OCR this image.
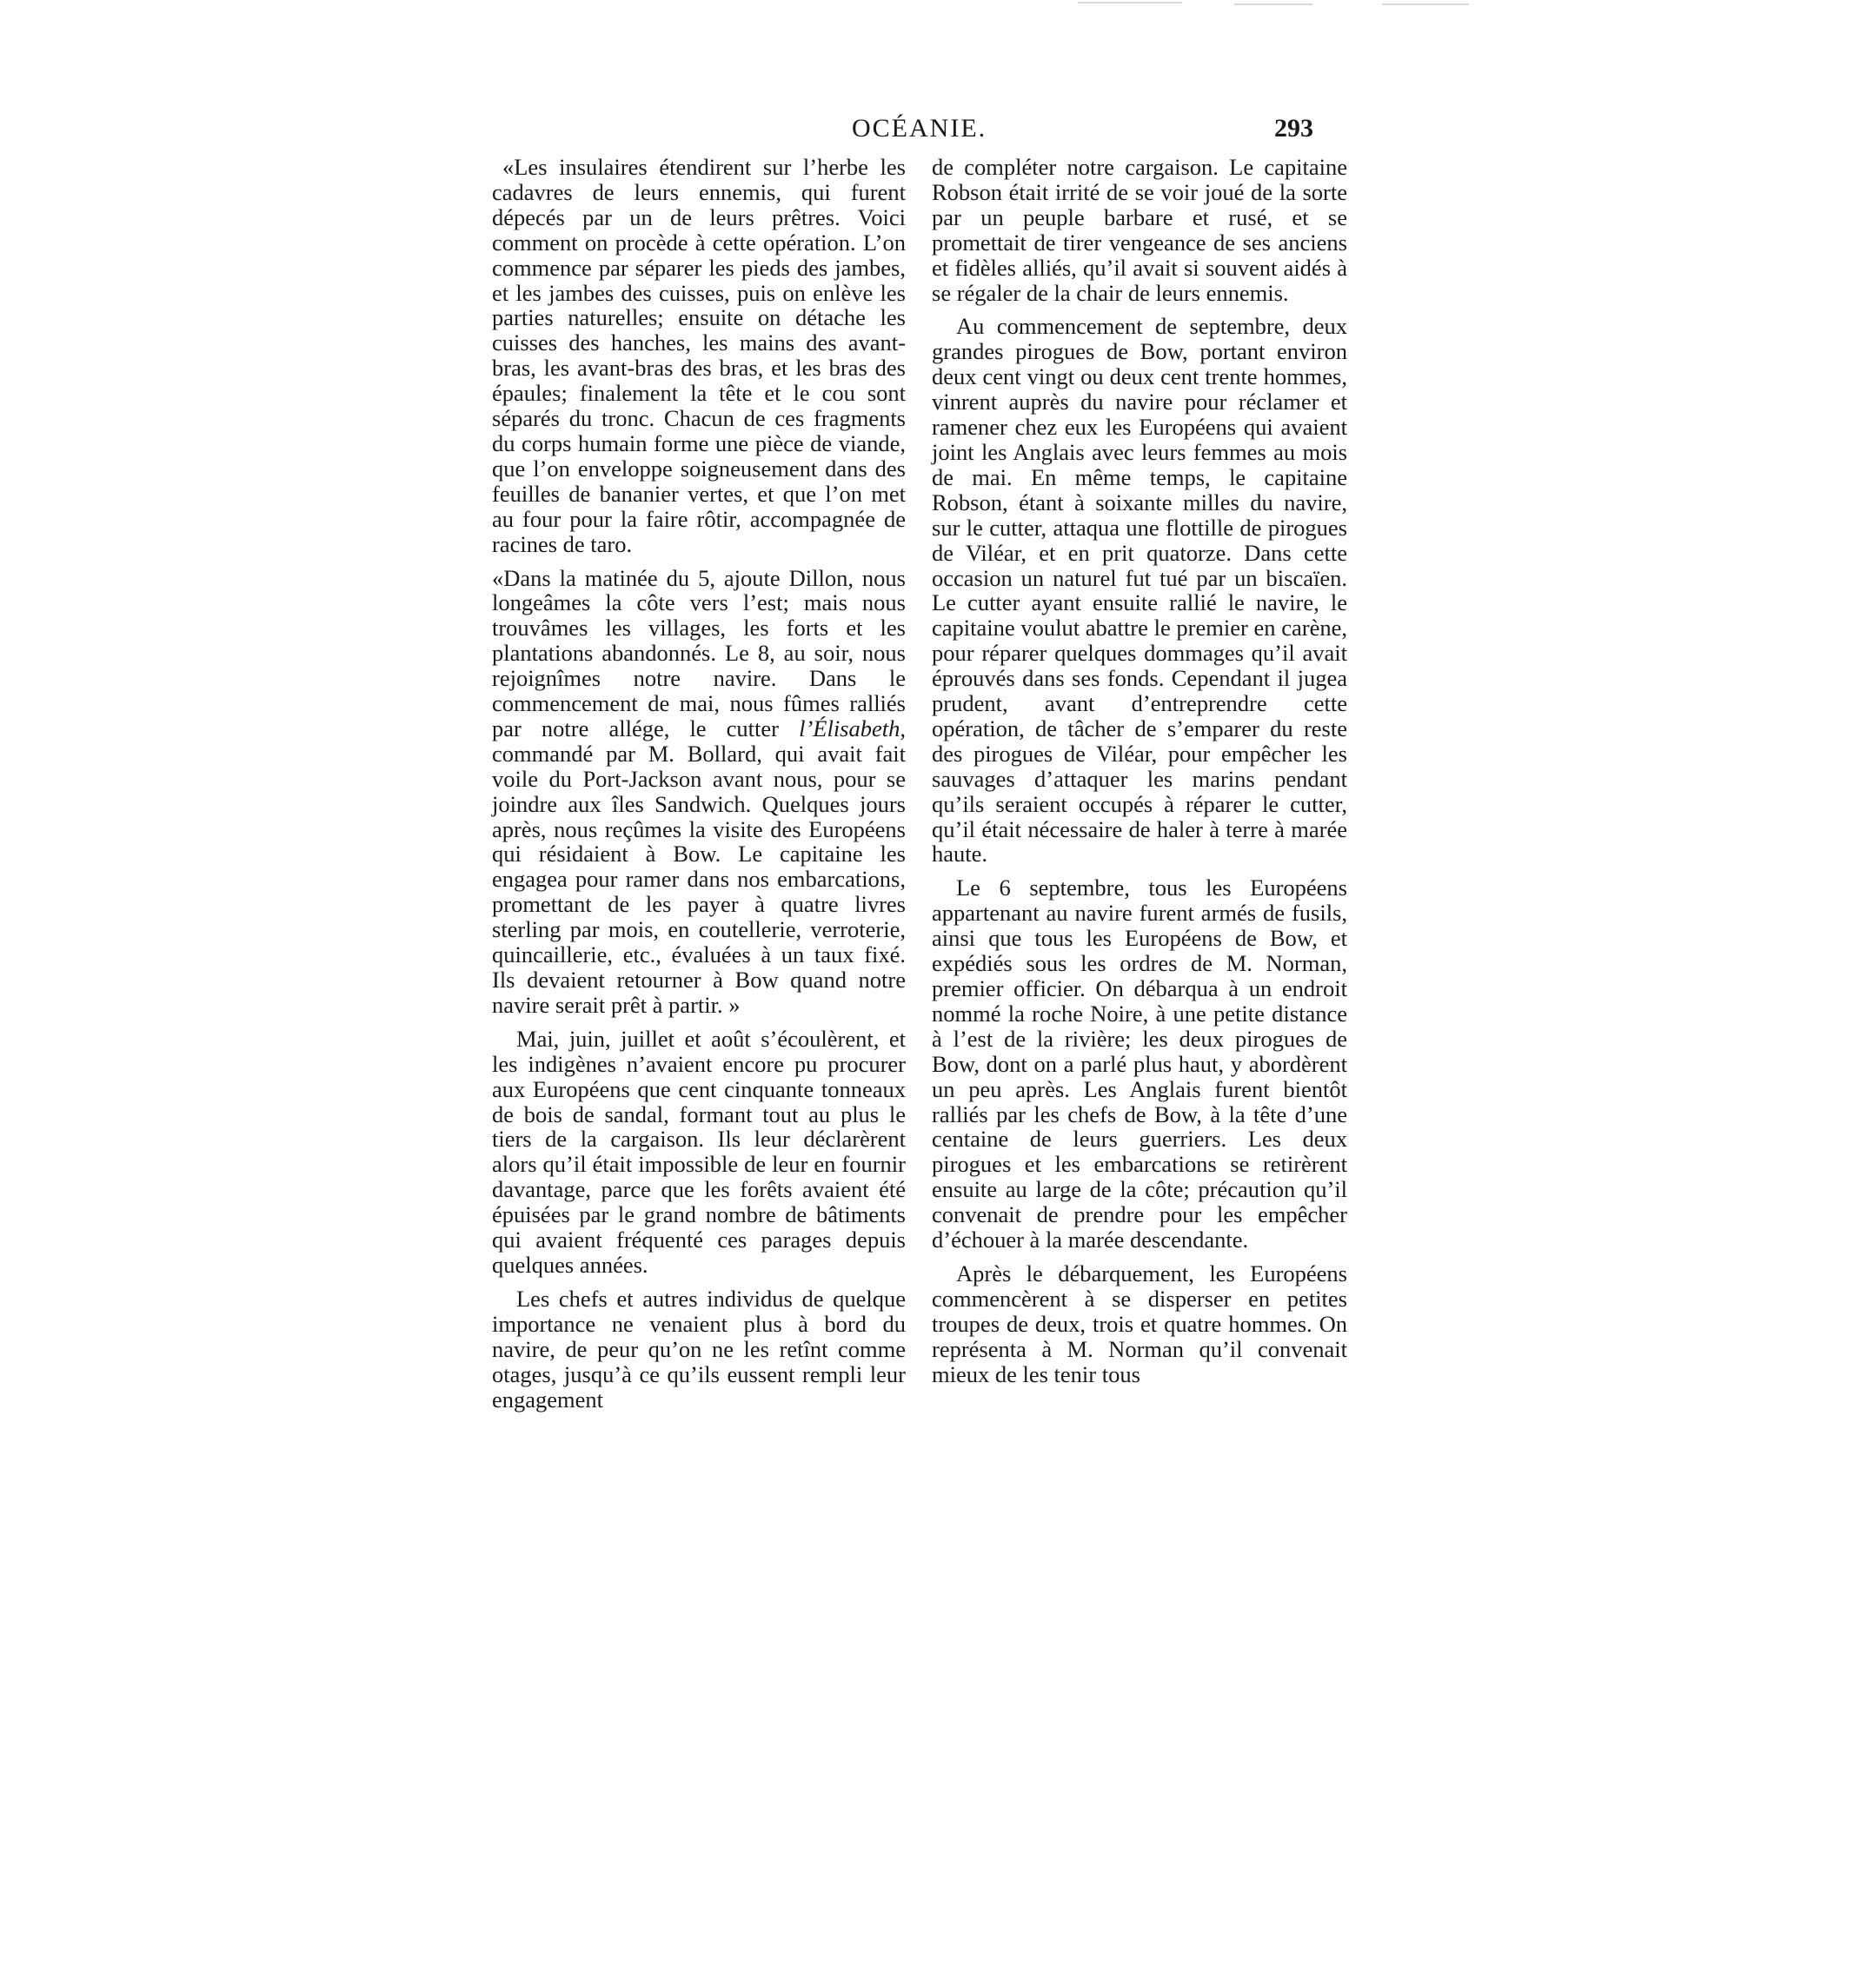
OCÉANIE.	293

«Les insulaires étendirent sur l’herbe les cadavres de leurs ennemis, qui furent dépecés par un de leurs prêtres. Voici comment on procède à cette opération. L’on commence par séparer les pieds des jambes, et les jambes des cuisses, puis on enlève les parties naturelles; ensuite on détache les cuisses des hanches, les mains des avant-bras, les avant-bras des bras, et les bras des épaules; finalement la tête et le cou sont séparés du tronc. Chacun de ces fragments du corps humain forme une pièce de viande, que l’on enveloppe soigneusement dans des feuilles de bananier vertes, et que l’on met au four pour la faire rôtir, accompagnée de racines de taro.

«Dans la matinée du 5, ajoute Dillon, nous longeâmes la côte vers l’est; mais nous trouvâmes les villages, les forts et les plantations abandonnés. Le 8, au soir, nous rejoignîmes notre navire. Dans le commencement de mai, nous fûmes ralliés par notre allége, le cutter l’Élisabeth, commandé par M. Bollard, qui avait fait voile du Port-Jackson avant nous, pour se joindre aux îles Sandwich. Quelques jours après, nous reçûmes la visite des Européens qui résidaient à Bow. Le capitaine les engagea pour ramer dans nos embarcations, promettant de les payer à quatre livres sterling par mois, en coutellerie, verroterie, quincaillerie, etc., évaluées à un taux fixé. Ils devaient retourner à Bow quand notre navire serait prêt à partir. »

Mai, juin, juillet et août s’écoulèrent, et les indigènes n’avaient encore pu procurer aux Européens que cent cinquante tonneaux de bois de sandal, formant tout au plus le tiers de la cargaison. Ils leur déclarèrent alors qu’il était impossible de leur en fournir davantage, parce que les forêts avaient été épuisées par le grand nombre de bâtiments qui avaient fréquenté ces parages depuis quelques années.

Les chefs et autres individus de quelque importance ne venaient plus à bord du navire, de peur qu’on ne les retînt comme otages, jusqu’à ce qu’ils eussent rempli leur engagement

de compléter notre cargaison. Le capitaine Robson était irrité de se voir joué de la sorte par un peuple barbare et rusé, et se promettait de tirer vengeance de ses anciens et fidèles alliés, qu’il avait si souvent aidés à se régaler de la chair de leurs ennemis.

Au commencement de septembre, deux grandes pirogues de Bow, portant environ deux cent vingt ou deux cent trente hommes, vinrent auprès du navire pour réclamer et ramener chez eux les Européens qui avaient joint les Anglais avec leurs femmes au mois de mai. En même temps, le capitaine Robson, étant à soixante milles du navire, sur le cutter, attaqua une flottille de pirogues de Viléar, et en prit quatorze. Dans cette occasion un naturel fut tué par un biscaïen. Le cutter ayant ensuite rallié le navire, le capitaine voulut abattre le premier en carène, pour réparer quelques dommages qu’il avait éprouvés dans ses fonds. Cependant il jugea prudent, avant d’entreprendre cette opération, de tâcher de s’emparer du reste des pirogues de Viléar, pour empêcher les sauvages d’attaquer les marins pendant qu’ils seraient occupés à réparer le cutter, qu’il était nécessaire de haler à terre à marée haute.

Le 6 septembre, tous les Européens appartenant au navire furent armés de fusils, ainsi que tous les Européens de Bow, et expédiés sous les ordres de M. Norman, premier officier. On débarqua à un endroit nommé la roche Noire, à une petite distance à l’est de la rivière; les deux pirogues de Bow, dont on a parlé plus haut, y abordèrent un peu après. Les Anglais furent bientôt ralliés par les chefs de Bow, à la tête d’une centaine de leurs guerriers. Les deux pirogues et les embarcations se retirèrent ensuite au large de la côte; précaution qu’il convenait de prendre pour les empêcher d’échouer à la marée descendante.

Après le débarquement, les Européens commencèrent à se disperser en petites troupes de deux, trois et quatre hommes. On représenta à M. Norman qu’il convenait mieux de les tenir tous
